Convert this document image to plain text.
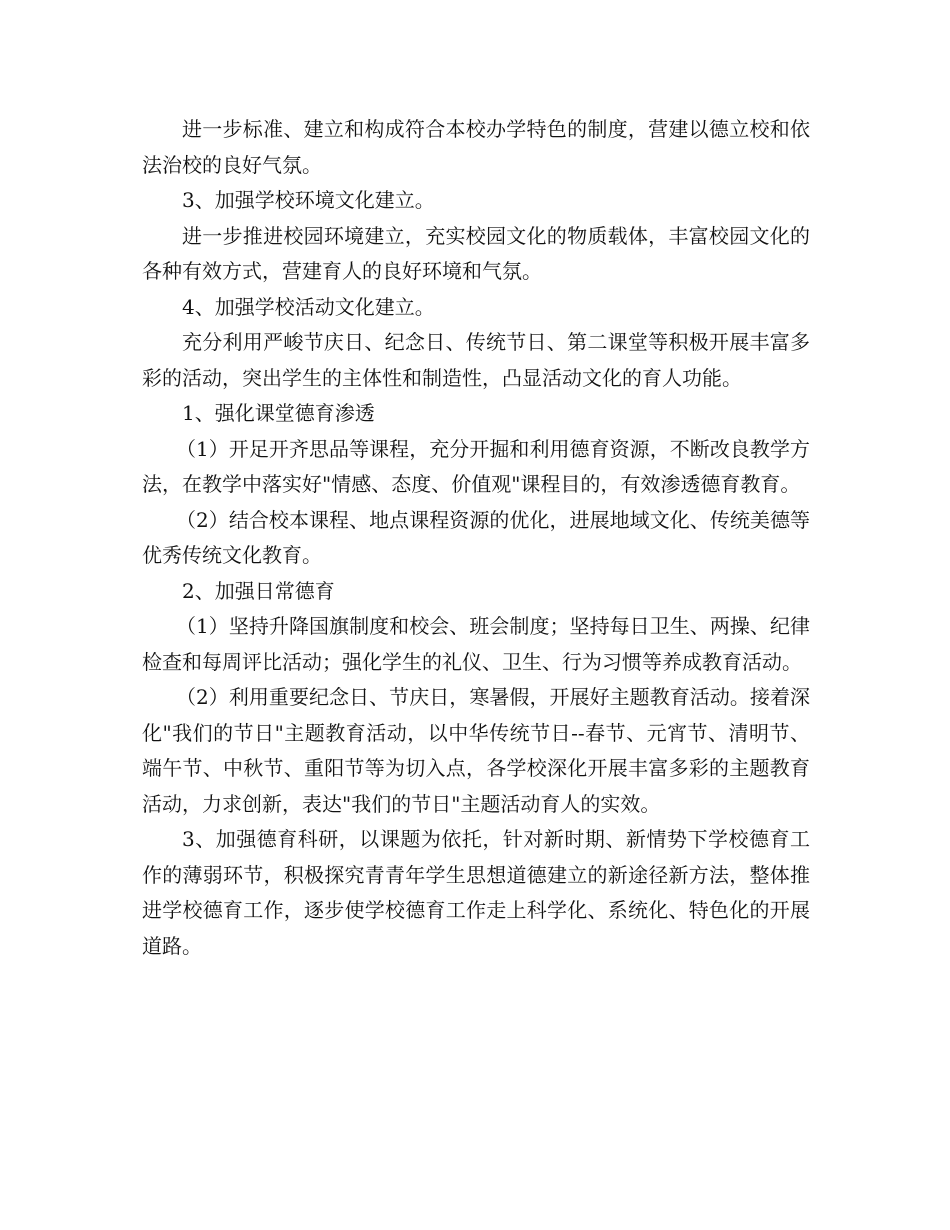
进一步标准、建立和构成符合本校办学特色的制度，营建以德立校和依法治校的良好气氛。

3、加强学校环境文化建立。

进一步推进校园环境建立，充实校园文化的物质载体，丰富校园文化的各种有效方式，营建育人的良好环境和气氛。

4、加强学校活动文化建立。

充分利用严峻节庆日、纪念日、传统节日、第二课堂等积极开展丰富多彩的活动，突出学生的主体性和制造性，凸显活动文化的育人功能。

1、强化课堂德育渗透

（1）开足开齐思品等课程，充分开掘和利用德育资源，不断改良教学方法，在教学中落实好"情感、态度、价值观"课程目的，有效渗透德育教育。

（2）结合校本课程、地点课程资源的优化，进展地域文化、传统美德等优秀传统文化教育。

2、加强日常德育

（1）坚持升降国旗制度和校会、班会制度；坚持每日卫生、两操、纪律检查和每周评比活动；强化学生的礼仪、卫生、行为习惯等养成教育活动。

（2）利用重要纪念日、节庆日，寒暑假，开展好主题教育活动。接着深化"我们的节日"主题教育活动，以中华传统节日--春节、元宵节、清明节、端午节、中秋节、重阳节等为切入点，各学校深化开展丰富多彩的主题教育活动，力求创新，表达"我们的节日"主题活动育人的实效。

3、加强德育科研，以课题为依托，针对新时期、新情势下学校德育工作的薄弱环节，积极探究青青年学生思想道德建立的新途径新方法，整体推进学校德育工作，逐步使学校德育工作走上科学化、系统化、特色化的开展道路。
